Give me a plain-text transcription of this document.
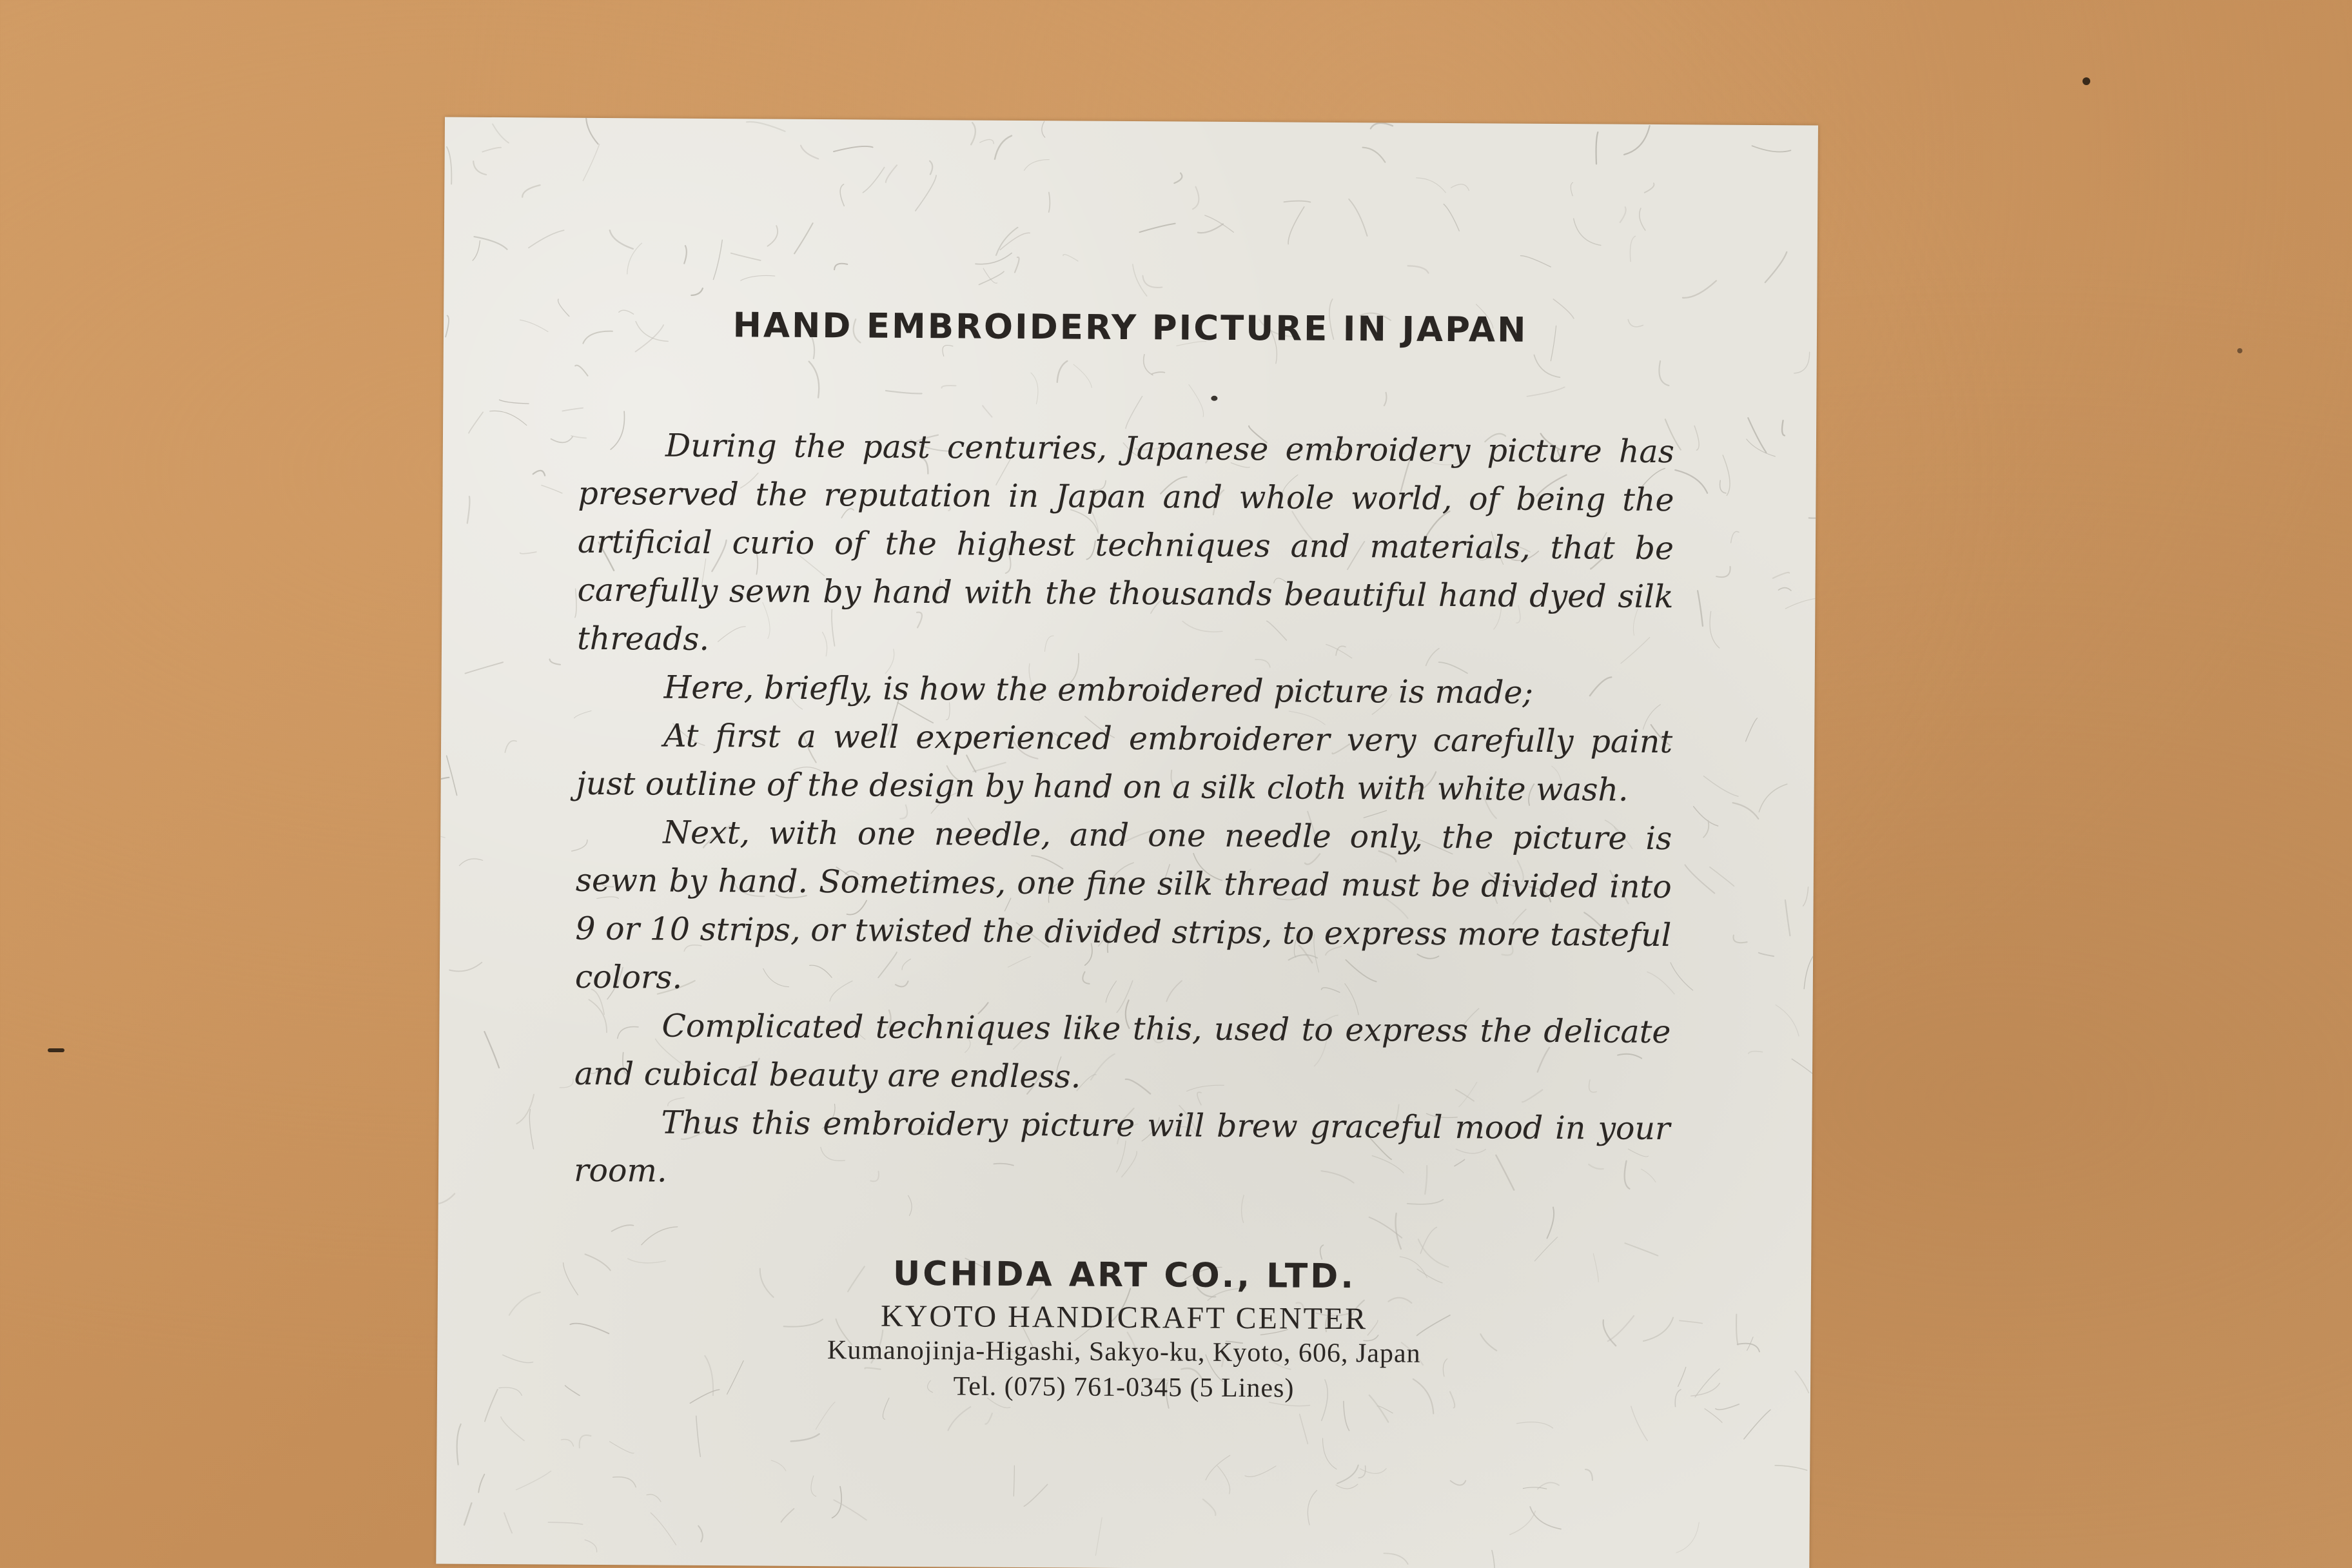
HAND EMBROIDERY PICTURE IN JAPAN

During the past centuries, Japanese embroidery picture has preserved the reputation in Japan and whole world, of being the artificial curio of the highest techniques and materials, that be carefully sewn by hand with the thousands beautiful hand dyed silk threads.

Here, briefly, is how the embroidered picture is made;

At first a well experienced embroiderer very carefully paint just outline of the design by hand on a silk cloth with white wash.

Next, with one needle, and one needle only, the picture is sewn by hand. Sometimes, one fine silk thread must be divided into 9 or 10 strips, or twisted the divided strips, to express more tasteful colors.

Complicated techniques like this, used to express the delicate and cubical beauty are endless.

Thus this embroidery picture will brew graceful mood in your room.

UCHIDA ART CO., LTD.
KYOTO HANDICRAFT CENTER
Kumanojinja-Higashi, Sakyo-ku, Kyoto, 606, Japan
Tel. (075) 761-0345 (5 Lines)
